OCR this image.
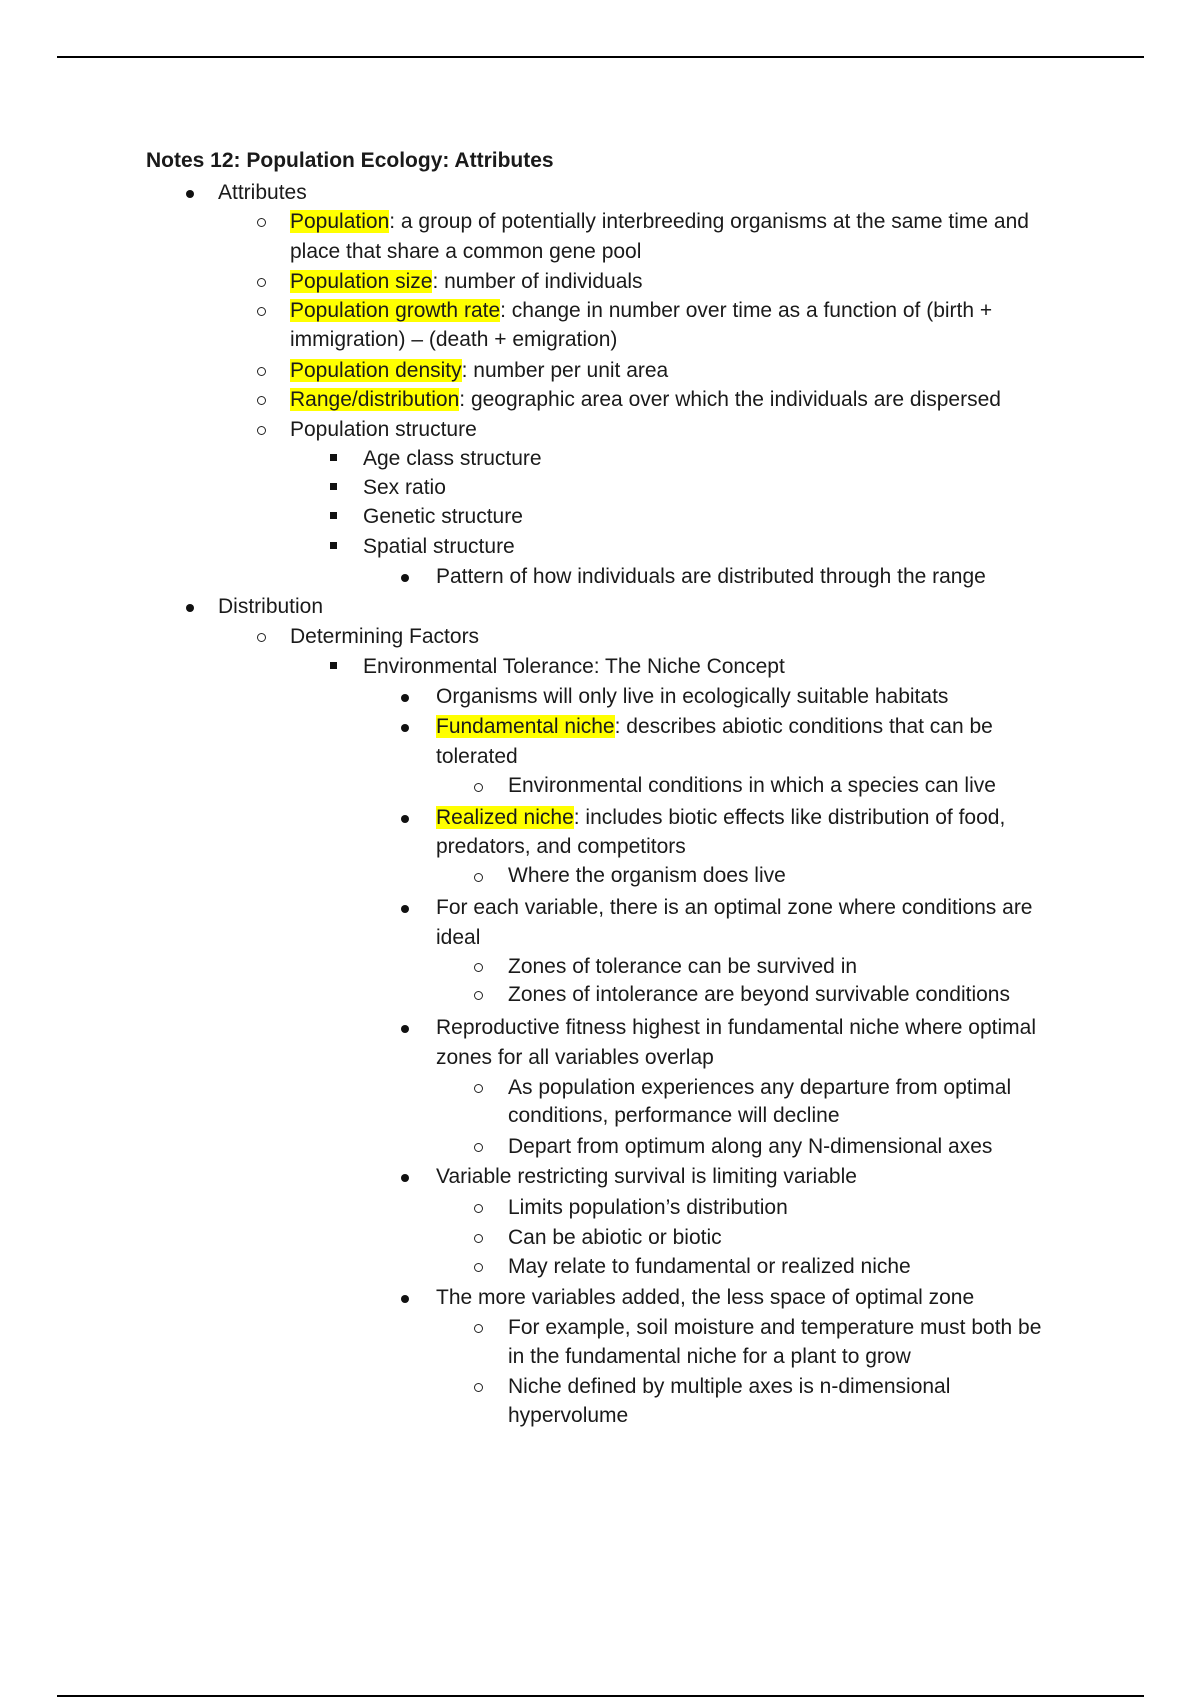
Notes 12: Population Ecology: Attributes
Attributes
Population: a group of potentially interbreeding organisms at the same time and
place that share a common gene pool
Population size: number of individuals
Population growth rate: change in number over time as a function of (birth +
immigration) – (death + emigration)
Population density: number per unit area
Range/distribution: geographic area over which the individuals are dispersed
Population structure
Age class structure
Sex ratio
Genetic structure
Spatial structure
Pattern of how individuals are distributed through the range
Distribution
Determining Factors
Environmental Tolerance: The Niche Concept
Organisms will only live in ecologically suitable habitats
Fundamental niche: describes abiotic conditions that can be
tolerated
Environmental conditions in which a species can live
Realized niche: includes biotic effects like distribution of food,
predators, and competitors
Where the organism does live
For each variable, there is an optimal zone where conditions are
ideal
Zones of tolerance can be survived in
Zones of intolerance are beyond survivable conditions
Reproductive fitness highest in fundamental niche where optimal
zones for all variables overlap
As population experiences any departure from optimal
conditions, performance will decline
Depart from optimum along any N-dimensional axes
Variable restricting survival is limiting variable
Limits population’s distribution
Can be abiotic or biotic
May relate to fundamental or realized niche
The more variables added, the less space of optimal zone
For example, soil moisture and temperature must both be
in the fundamental niche for a plant to grow
Niche defined by multiple axes is n-dimensional
hypervolume
